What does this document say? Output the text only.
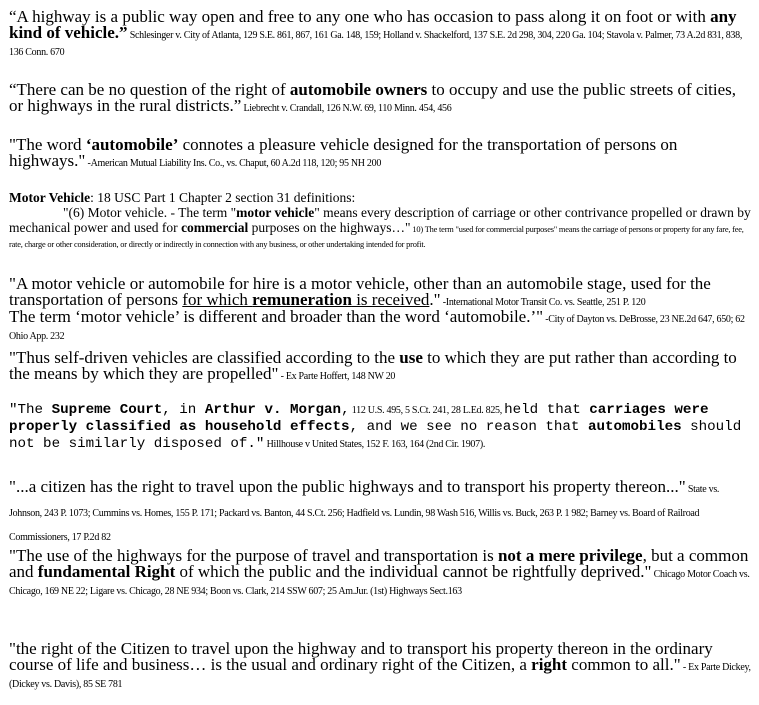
“A highway is a public way open and free to any one who has occasion to pass along it on foot or with any kind of vehicle.” Schlesinger v. City of Atlanta, 129 S.E. 861, 867, 161 Ga. 148, 159; Holland v. Shackelford, 137 S.E. 2d 298, 304, 220 Ga. 104; Stavola v. Palmer, 73 A.2d 831, 838, 136 Conn. 670
“There can be no question of the right of automobile owners to occupy and use the public streets of cities, or highways in the rural districts.” Liebrecht v. Crandall, 126 N.W. 69, 110 Minn. 454, 456
"The word ‘automobile’ connotes a pleasure vehicle designed for the transportation of persons on highways." -American Mutual Liability Ins. Co., vs. Chaput, 60 A.2d 118, 120; 95 NH 200
Motor Vehicle: 18 USC Part 1 Chapter 2 section 31 definitions:
"(6) Motor vehicle. - The term "motor vehicle" means every description of carriage or other contrivance propelled or drawn by mechanical power and used for commercial purposes on the highways…" 10) The term "used for commercial purposes" means the carriage of persons or property for any fare, fee, rate, charge or other consideration, or directly or indirectly in connection with any business, or other undertaking intended for profit.
"A motor vehicle or automobile for hire is a motor vehicle, other than an automobile stage, used for the transportation of persons for which remuneration is received." -International Motor Transit Co. vs. Seattle, 251 P. 120
The term ‘motor vehicle’ is different and broader than the word ‘automobile.’" -City of Dayton vs. DeBrosse, 23 NE.2d 647, 650; 62 Ohio App. 232
"Thus self-driven vehicles are classified according to the use to which they are put rather than according to the means by which they are propelled" - Ex Parte Hoffert, 148 NW 20
"The Supreme Court, in Arthur v. Morgan, 112 U.S. 495, 5 S.Ct. 241, 28 L.Ed. 825, held that carriages were properly classified as household effects, and we see no reason that automobiles should not be similarly disposed of." Hillhouse v United States, 152 F. 163, 164 (2nd Cir. 1907).
"...a citizen has the right to travel upon the public highways and to transport his property thereon..." State vs. Johnson, 243 P. 1073; Cummins vs. Homes, 155 P. 171; Packard vs. Banton, 44 S.Ct. 256; Hadfield vs. Lundin, 98 Wash 516, Willis vs. Buck, 263 P. 1 982; Barney vs. Board of Railroad Commissioners, 17 P.2d 82
"The use of the highways for the purpose of travel and transportation is not a mere privilege, but a common and fundamental Right of which the public and the individual cannot be rightfully deprived." Chicago Motor Coach vs. Chicago, 169 NE 22; Ligare vs. Chicago, 28 NE 934; Boon vs. Clark, 214 SSW 607; 25 Am.Jur. (1st) Highways Sect.163
"the right of the Citizen to travel upon the highway and to transport his property thereon in the ordinary course of life and business… is the usual and ordinary right of the Citizen, a right common to all." - Ex Parte Dickey, (Dickey vs. Davis), 85 SE 781
